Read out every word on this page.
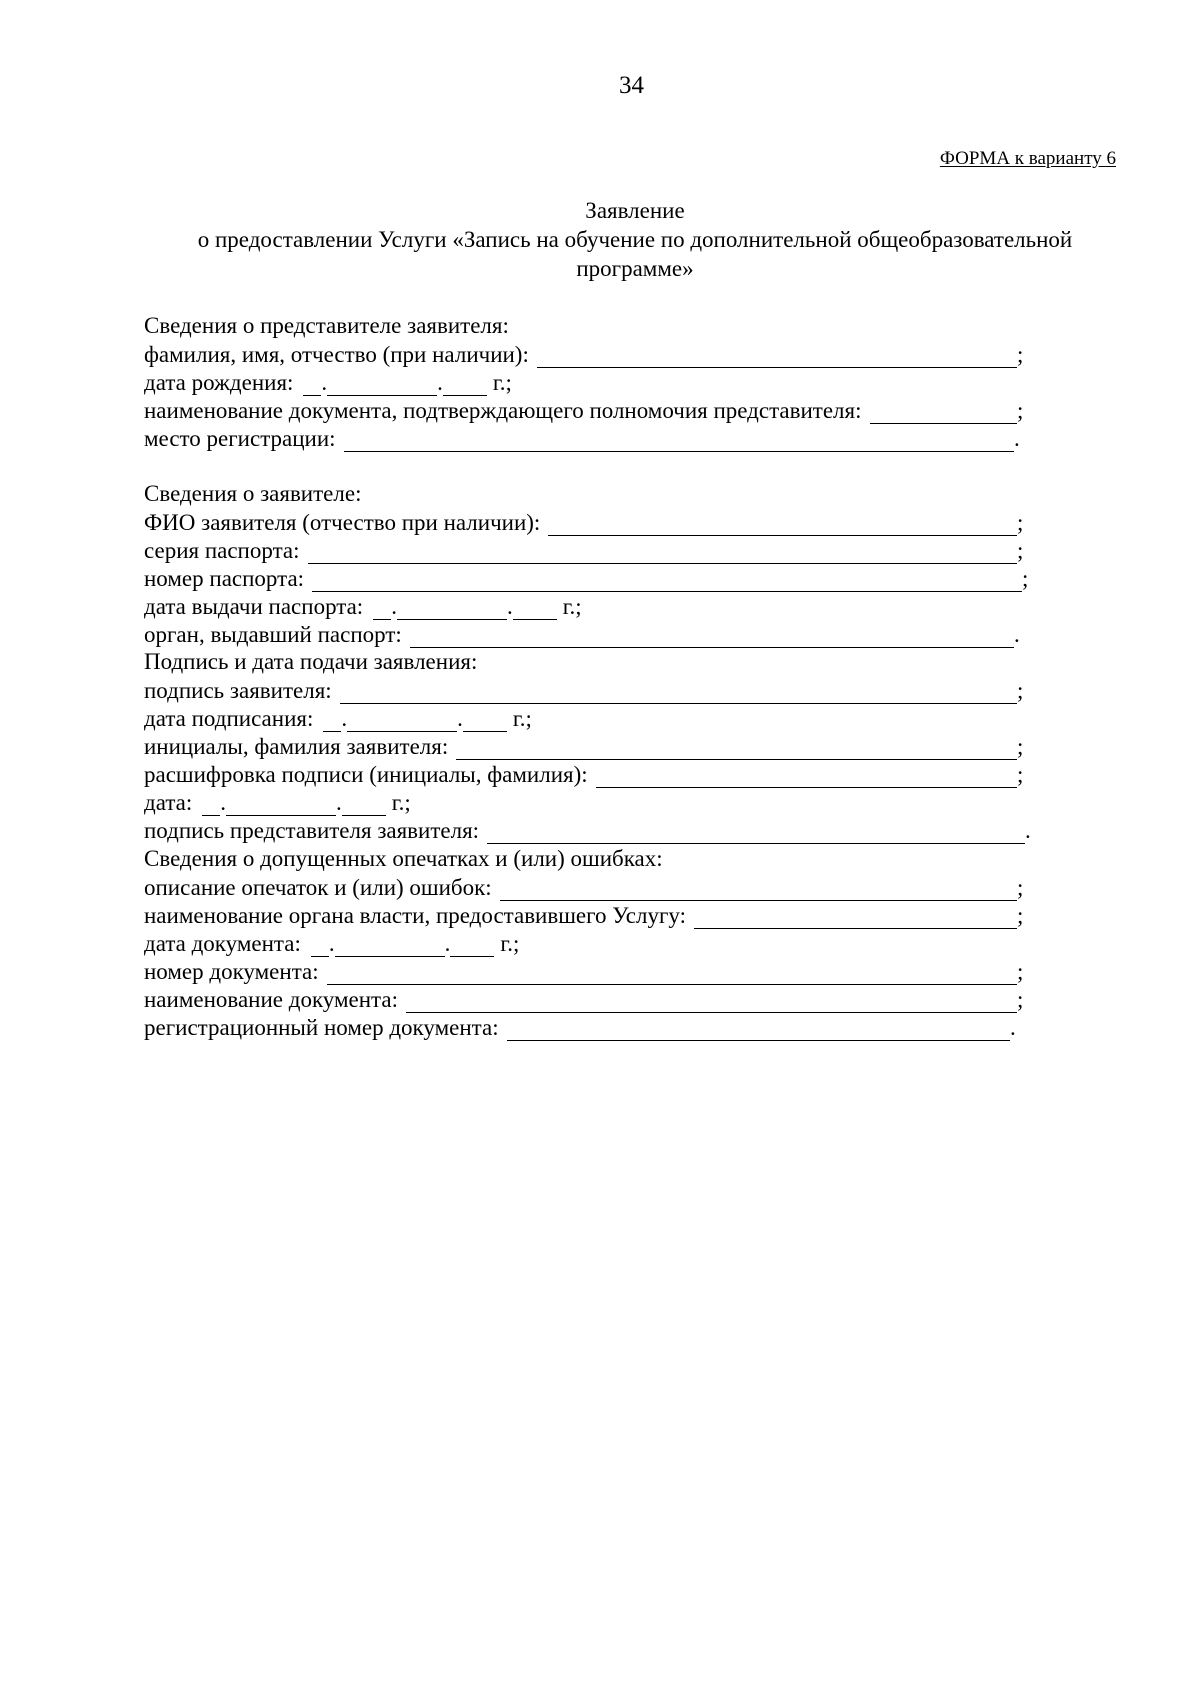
34
ФОРМА к варианту 6
Заявление
о предоставлении Услуги «Запись на обучение по дополнительной общеобразовательной
программе»
Сведения о представителе заявителя:
фамилия, имя, отчество (при наличии):	;
дата рождения: .	. г.;
наименование документа, подтверждающего полномочия представителя:	;
место регистрации:	.
Сведения о заявителе:
ФИО заявителя (отчество при наличии):	;
серия паспорта:	;
номер паспорта:	;
дата выдачи паспорта: .	. г.;
орган, выдавший паспорт:	.
Подпись и дата подачи заявления:
подпись заявителя:	;
дата подписания: .	. г.;
инициалы, фамилия заявителя:	;
расшифровка подписи (инициалы, фамилия):	;
дата: .	. г.;
подпись представителя заявителя:	.
Сведения о допущенных опечатках и (или) ошибках:
описание опечаток и (или) ошибок:	;
наименование органа власти, предоставившего Услугу:	;
дата документа: .	. г.;
номер документа:	;
наименование документа:	;
регистрационный номер документа:	.
